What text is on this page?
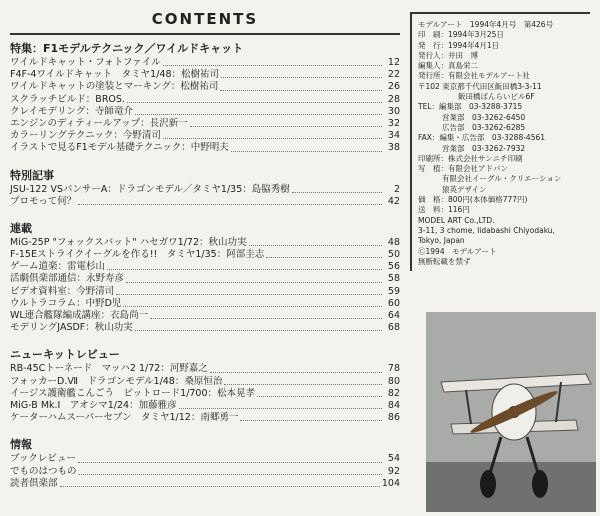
CONTENTS
特集：F1モデルテクニック／ワイルドキャット
ワイルドキャット・フォトファイル	12
F4F-4ワイルドキャット　タミヤ1/48：松樹祐司	22
ワイルドキャットの塗装とマーキング：松樹祐司	26
スクラッチビルド：BROS.	28
クレイモデリング：寺師竜介	30
エンジンのディティールアップ：長沢新一	32
カラーリングテクニック：今野清司	34
イラストで見るF1モデル基礎テクニック：中野明夫	38
特別記事
JSU-122 VSパンサーA：ドラゴンモデル／タミヤ1/35：島脇秀樹	2
プロモって何？	42
連載
MiG-25P "フォックスバット" ハセガワ1/72：秋山功実	48
F-15Eストライクイーグルを作る!!　タミヤ1/35：阿部圭志	50
ゲーム道楽：雷電杉山	56
活劇倶楽部通信：永野寿彦	58
ビデオ資料室：今野清司	59
ウルトラコラム：中野D児	60
WL連合艦隊編成講座：衣島尚一	64
モデリングJASDF：秋山功実	68
ニューキットレビュー
RB-45Cトーネード　マッハ2 1/72：河野嘉之	78
フォッカーD.Ⅶ　ドラゴンモデル1/48：桑原恒治	80
イージス護衛艦こんごう　ピットロード1/700：松本晃孝	82
MiG-B Mk.Ⅰ　アオシマ1/24：加藤雅彦	84
ケーターハムスーパーセブン　タミヤ1/12：南郷勇一	86
情報
ブックレビュー	54
でものはつもの	92
読者倶楽部	104
モデルアート　1994年4月号　第426号
印　刷：1994年3月25日
発　行：1994年4月1日
発行人：井田　博
編集人：真島栄二
発行所：有限会社モデルアート社
〒102 東京都千代田区飯田橋3-3-11
飯田橋ばんらいビル6F
TEL：編集部　03-3288-3715
営業部　03-3262-6450
広告部　03-3262-6285
FAX：編集・広告部　03-3288-4561
営業部　03-3262-7932
印刷所：株式会社サンニチ印刷
写　植：有限会社アドバン
有限会社イーグル・クリエーション
猿英デザイン
価　格：800円(本体価格777円)
送　料：116円
MODEL ART Co.,LTD.
3-11, 3 chome, Iidabashi Chiyodaku,
Tokyo, Japan
Ⓒ1994　モデルアート
無断転載を禁ず
